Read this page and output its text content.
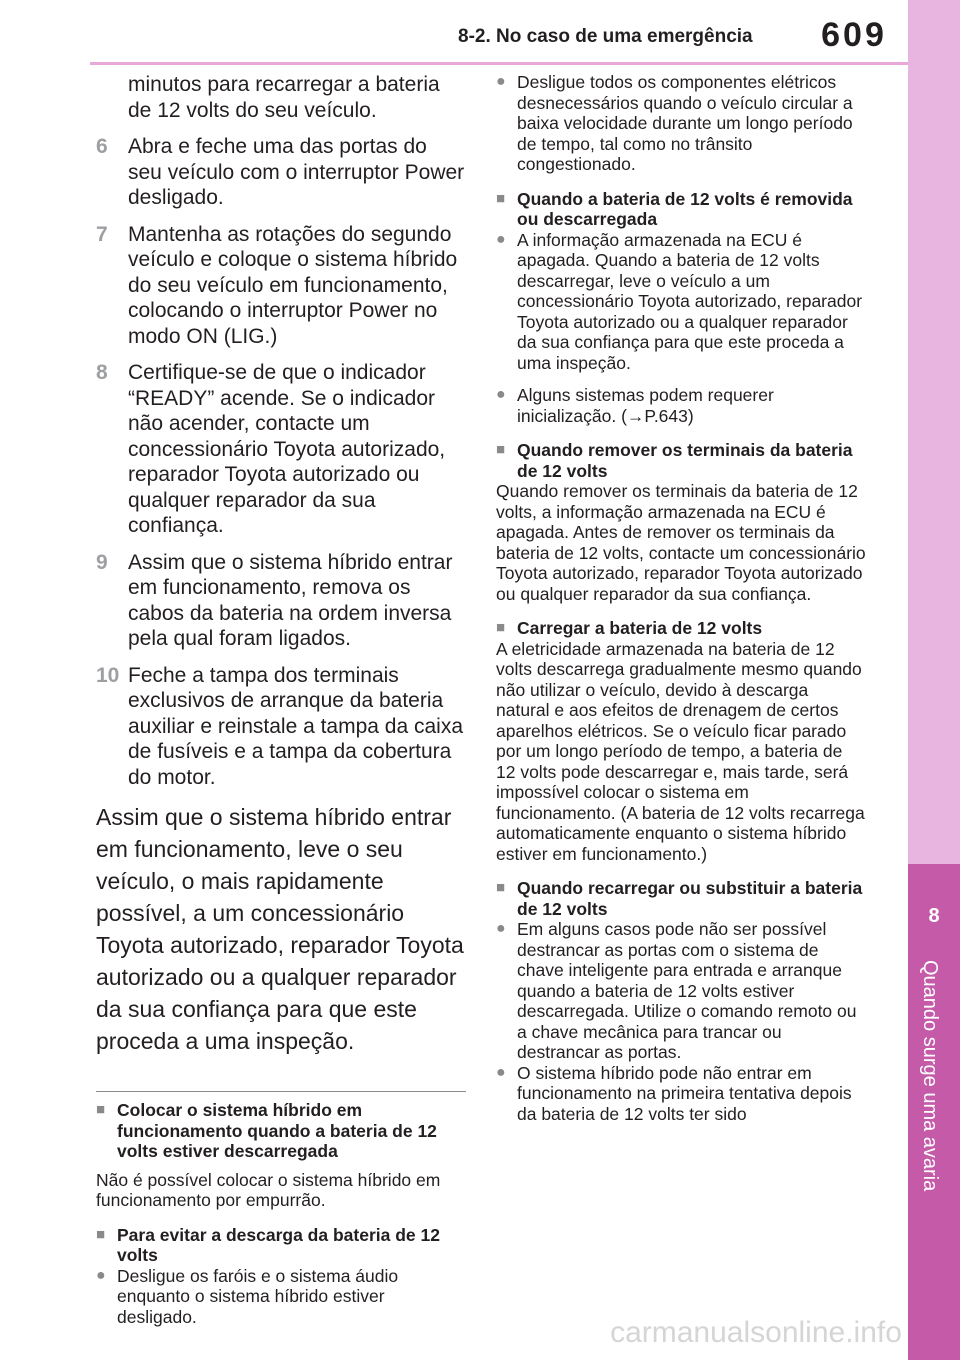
8-2. No caso de uma emergência	609
8
Quando surge uma avaria
minutos para recarregar a bateria de 12 volts do seu veículo.
6 Abra e feche uma das portas do seu veículo com o interruptor Power desligado.
7 Mantenha as rotações do segundo veículo e coloque o sistema híbrido do seu veículo em funcionamento, colocando o interruptor Power no modo ON (LIG.)
8 Certifique-se de que o indicador “READY” acende. Se o indicador não acender, contacte um concessionário Toyota autorizado, reparador Toyota autorizado ou qualquer reparador da sua confiança.
9 Assim que o sistema híbrido entrar em funcionamento, remova os cabos da bateria na ordem inversa pela qual foram ligados.
10 Feche a tampa dos terminais exclusivos de arranque da bateria auxiliar e reinstale a tampa da caixa de fusíveis e a tampa da cobertura do motor.

Assim que o sistema híbrido entrar em funcionamento, leve o seu veículo, o mais rapidamente possível, a um concessionário Toyota autorizado, reparador Toyota autorizado ou a qualquer reparador da sua confiança para que este proceda a uma inspeção.

■ Colocar o sistema híbrido em funcionamento quando a bateria de 12 volts estiver descarregada
Não é possível colocar o sistema híbrido em funcionamento por empurrão.
■ Para evitar a descarga da bateria de 12 volts
● Desligue os faróis e o sistema áudio enquanto o sistema híbrido estiver desligado.
● Desligue todos os componentes elétricos desnecessários quando o veículo circular a baixa velocidade durante um longo período de tempo, tal como no trânsito congestionado.
■ Quando a bateria de 12 volts é removida ou descarregada
● A informação armazenada na ECU é apagada. Quando a bateria de 12 volts descarregar, leve o veículo a um concessionário Toyota autorizado, reparador Toyota autorizado ou a qualquer reparador da sua confiança para que este proceda a uma inspeção.
● Alguns sistemas podem requerer inicialização. (→P.643)
■ Quando remover os terminais da bateria de 12 volts
Quando remover os terminais da bateria de 12 volts, a informação armazenada na ECU é apagada. Antes de remover os terminais da bateria de 12 volts, contacte um concessionário Toyota autorizado, reparador Toyota autorizado ou qualquer reparador da sua confiança.
■ Carregar a bateria de 12 volts
A eletricidade armazenada na bateria de 12 volts descarrega gradualmente mesmo quando não utilizar o veículo, devido à descarga natural e aos efeitos de drenagem de certos aparelhos elétricos. Se o veículo ficar parado por um longo período de tempo, a bateria de 12 volts pode descarregar e, mais tarde, será impossível colocar o sistema em funcionamento. (A bateria de 12 volts recarrega automaticamente enquanto o sistema híbrido estiver em funcionamento.)
■ Quando recarregar ou substituir a bateria de 12 volts
● Em alguns casos pode não ser possível destrancar as portas com o sistema de chave inteligente para entrada e arranque quando a bateria de 12 volts estiver descarregada. Utilize o comando remoto ou a chave mecânica para trancar ou destrancar as portas.
● O sistema híbrido pode não entrar em funcionamento na primeira tentativa depois da bateria de 12 volts ter sido
carmanualsonline.info
